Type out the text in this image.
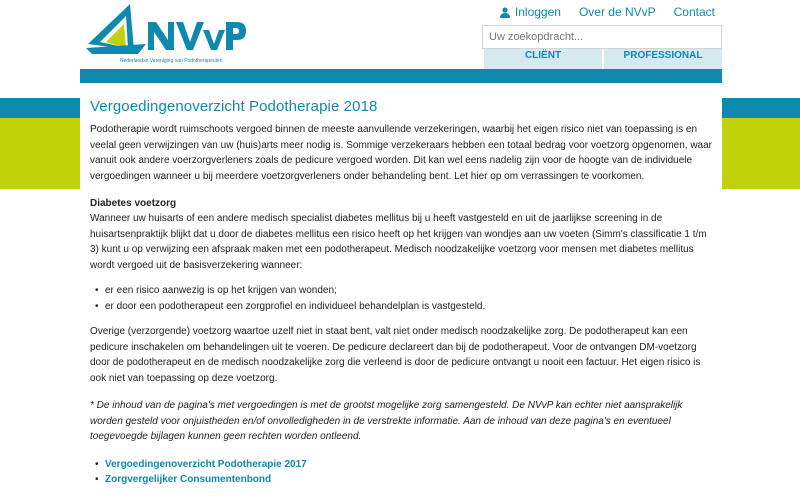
Nederlandse Vereniging van Podotherapeuten
Inloggen Over de NVvP Contact
Uw zoekopdracht...
CLIËNT	PROFESSIONAL
Vergoedingenoverzicht Podotherapie 2018

Podotherapie wordt ruimschoots vergoed binnen de meeste aanvullende verzekeringen, waarbij het eigen risico niet van toepassing is en veelal geen verwijzingen van uw (huis)arts meer nodig is. Sommige verzekeraars hebben een totaal bedrag voor voetzorg opgenomen, waar vanuit ook andere voerzorgverleners zoals de pedicure vergoed worden. Dit kan wel eens nadelig zijn voor de hoogte van de individuele vergoedingen wanneer u bij meerdere voetzorgverleners onder behandeling bent. Let hier op om verrassingen te voorkomen.

Diabetes voetzorg

Wanneer uw huisarts of een andere medisch specialist diabetes mellitus bij u heeft vastgesteld en uit de jaarlijkse screening in de huisartsenpraktijk blijkt dat u door de diabetes mellitus een risico heeft op het krijgen van wondjes aan uw voeten (Simm's classificatie 1 t/m 3) kunt u op verwijzing een afspraak maken met een podotherapeut. Medisch noodzakelijke voetzorg voor mensen met diabetes mellitus wordt vergoed uit de basisverzekering wanneer:

• er een risico aanwezig is op het krijgen van wonden;
• er door een podotherapeut een zorgprofiel en individueel behandelplan is vastgesteld.

Overige (verzorgende) voetzorg waartoe uzelf niet in staat bent, valt niet onder medisch noodzakelijke zorg. De podotherapeut kan een pedicure inschakelen om behandelingen uit te voeren. De pedicure declareert dan bij de podotherapeut. Voor de ontvangen DM-voetzorg door de podotherapeut en de medisch noodzakelijke zorg die verleend is door de pedicure ontvangt u nooit een factuur. Het eigen risico is ook niet van toepassing op deze voetzorg.

* De inhoud van de pagina's met vergoedingen is met de grootst mogelijke zorg samengesteld. De NVvP kan echter niet aansprakelijk worden gesteld voor onjuistheden en/of onvolledigheden in de verstrekte informatie. Aan de inhoud van deze pagina's en eventueel toegevoegde bijlagen kunnen geen rechten worden ontleend.

• Vergoedingenoverzicht Podotherapie 2017
• Zorgvergelijker Consumentenbond
